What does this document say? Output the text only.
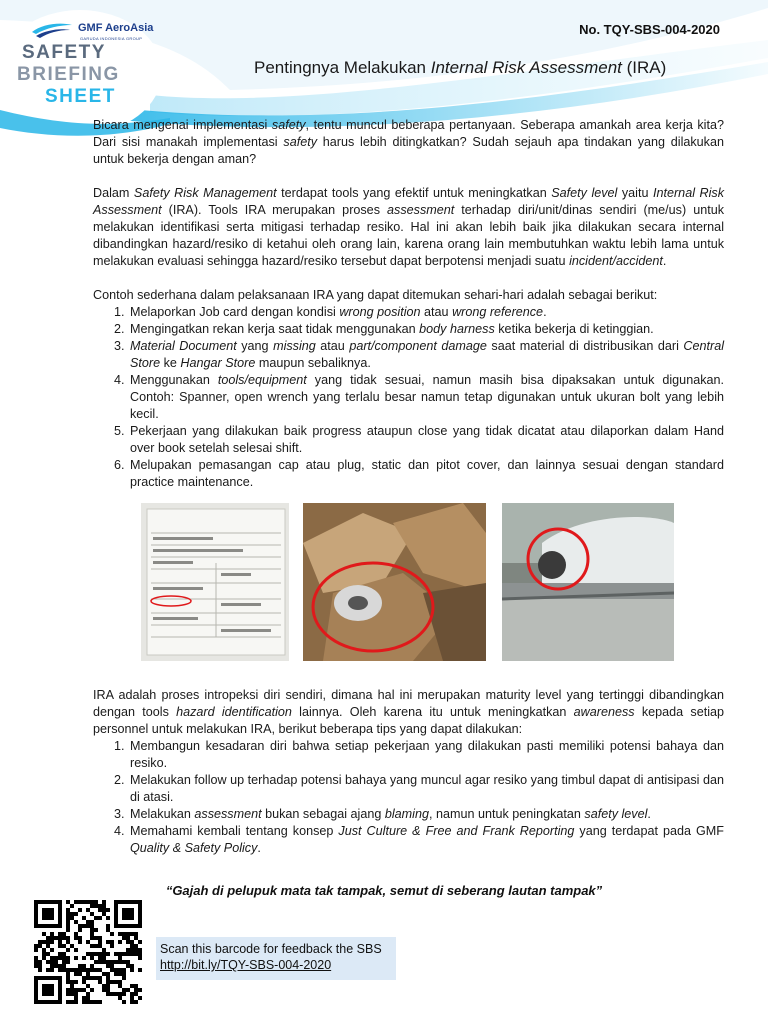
GMF AeroAsia
GARUDA INDONESIA GROUP
SAFETY
BRIEFING
SHEET
No. TQY-SBS-004-2020
Pentingnya Melakukan Internal Risk Assessment (IRA)

Bicara mengenai implementasi safety, tentu muncul beberapa pertanyaan. Seberapa amankah area kerja kita? Dari sisi manakah implementasi safety harus lebih ditingkatkan? Sudah sejauh apa tindakan yang dilakukan untuk bekerja dengan aman?

Dalam Safety Risk Management terdapat tools yang efektif untuk meningkatkan Safety level yaitu Internal Risk Assessment (IRA). Tools IRA merupakan proses assessment terhadap diri/unit/dinas sendiri (me/us) untuk melakukan identifikasi serta mitigasi terhadap resiko. Hal ini akan lebih baik jika dilakukan secara internal dibandingkan hazard/resiko di ketahui oleh orang lain, karena orang lain membutuhkan waktu lebih lama untuk melakukan evaluasi sehingga hazard/resiko tersebut dapat berpotensi menjadi suatu incident/accident.

Contoh sederhana dalam pelaksanaan IRA yang dapat ditemukan sehari-hari adalah sebagai berikut:

1. Melaporkan Job card dengan kondisi wrong position atau wrong reference.
2. Mengingatkan rekan kerja saat tidak menggunakan body harness ketika bekerja di ketinggian.
3. Material Document yang missing atau part/component damage saat material di distribusikan dari Central Store ke Hangar Store maupun sebaliknya.
4. Menggunakan tools/equipment yang tidak sesuai, namun masih bisa dipaksakan untuk digunakan. Contoh: Spanner, open wrench yang terlalu besar namun tetap digunakan untuk ukuran bolt yang lebih kecil.
5. Pekerjaan yang dilakukan baik progress ataupun close yang tidak dicatat atau dilaporkan dalam Hand over book setelah selesai shift.
6. Melupakan pemasangan cap atau plug, static dan pitot cover, dan lainnya sesuai dengan standard practice maintenance.

IRA adalah proses intropeksi diri sendiri, dimana hal ini merupakan maturity level yang tertinggi dibandingkan dengan tools hazard identification lainnya. Oleh karena itu untuk meningkatkan awareness kepada setiap personnel untuk melakukan IRA, berikut beberapa tips yang dapat dilakukan:

1. Membangun kesadaran diri bahwa setiap pekerjaan yang dilakukan pasti memiliki potensi bahaya dan resiko.
2. Melakukan follow up terhadap potensi bahaya yang muncul agar resiko yang timbul dapat di antisipasi dan di atasi.
3. Melakukan assessment bukan sebagai ajang blaming, namun untuk peningkatan safety level.
4. Memahami kembali tentang konsep Just Culture & Free and Frank Reporting yang terdapat pada GMF Quality & Safety Policy.
“Gajah di pelupuk mata tak tampak, semut di seberang lautan tampak”
Scan this barcode for feedback the SBS
http://bit.ly/TQY-SBS-004-2020
